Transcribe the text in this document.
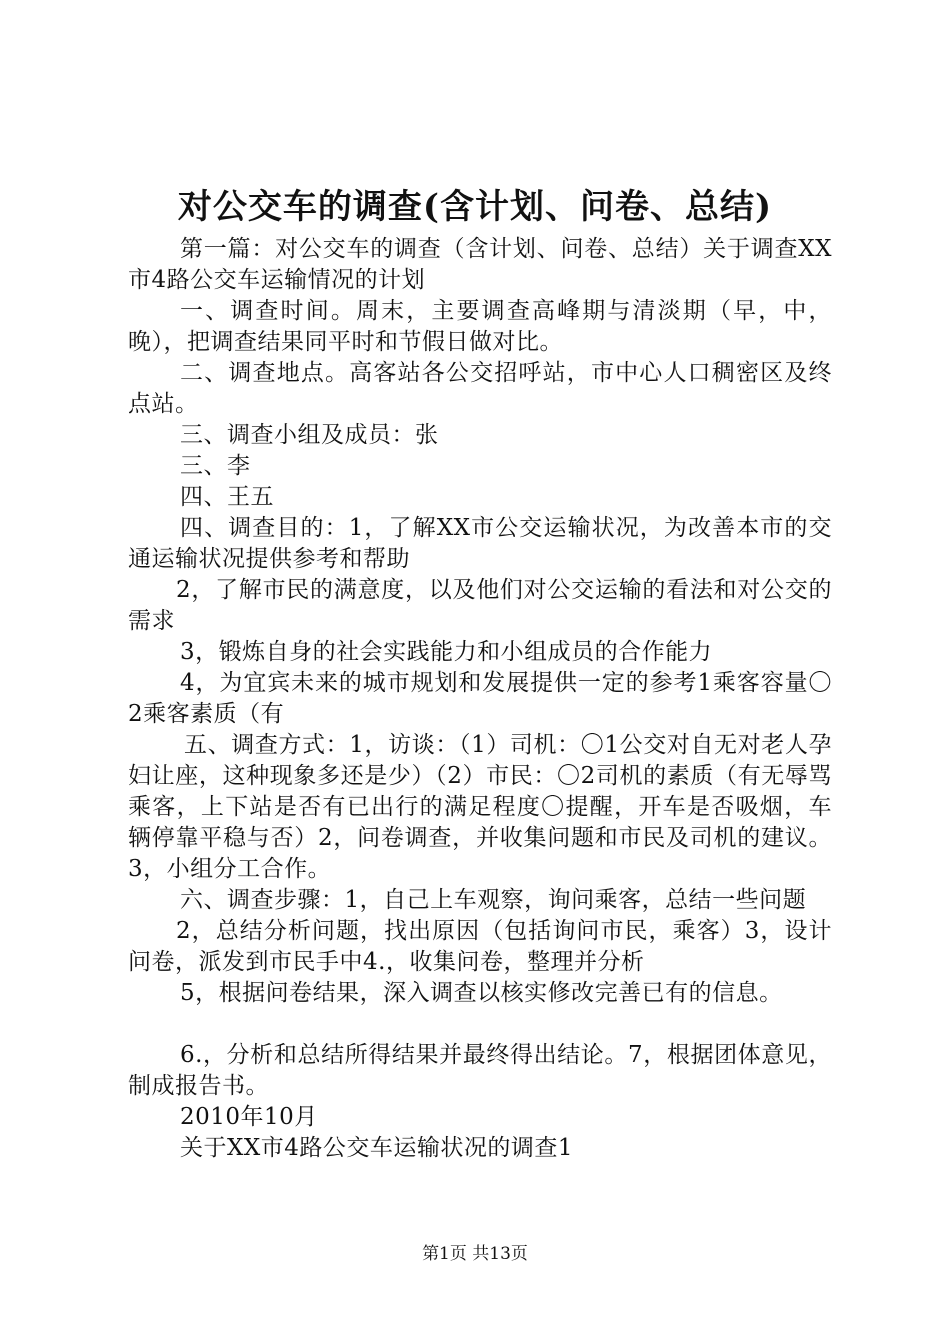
对公交车的调查(含计划、问卷、总结)

第一篇：对公交车的调查（含计划、问卷、总结）关于调查XX市4路公交车运输情况的计划

一、调查时间。周末，主要调查高峰期与清淡期（早，中，晚），把调查结果同平时和节假日做对比。

二、调查地点。高客站各公交招呼站，市中心人口稠密区及终点站。

三、调查小组及成员：张

三、李

四、王五

四、调查目的：1，了解XX市公交运输状况，为改善本市的交通运输状况提供参考和帮助

2，了解市民的满意度，以及他们对公交运输的看法和对公交的需求

3，锻炼自身的社会实践能力和小组成员的合作能力

4，为宜宾未来的城市规划和发展提供一定的参考1乘客容量〇2乘客素质（有

五、调查方式：1，访谈：（1）司机：〇1公交对自无对老人孕妇让座，这种现象多还是少）（2）市民：〇2司机的素质（有无辱骂乘客，上下站是否有已出行的满足程度〇提醒，开车是否吸烟，车辆停靠平稳与否）2，问卷调查，并收集问题和市民及司机的建议。3，小组分工合作。

六、调查步骤：1，自己上车观察，询问乘客，总结一些问题

2，总结分析问题，找出原因（包括询问市民，乘客）3，设计问卷，派发到市民手中4.，收集问卷，整理并分析

5，根据问卷结果，深入调查以核实修改完善已有的信息。

6.，分析和总结所得结果并最终得出结论。7，根据团体意见，制成报告书。

2010年10月

关于XX市4路公交车运输状况的调查1

第1页 共13页
